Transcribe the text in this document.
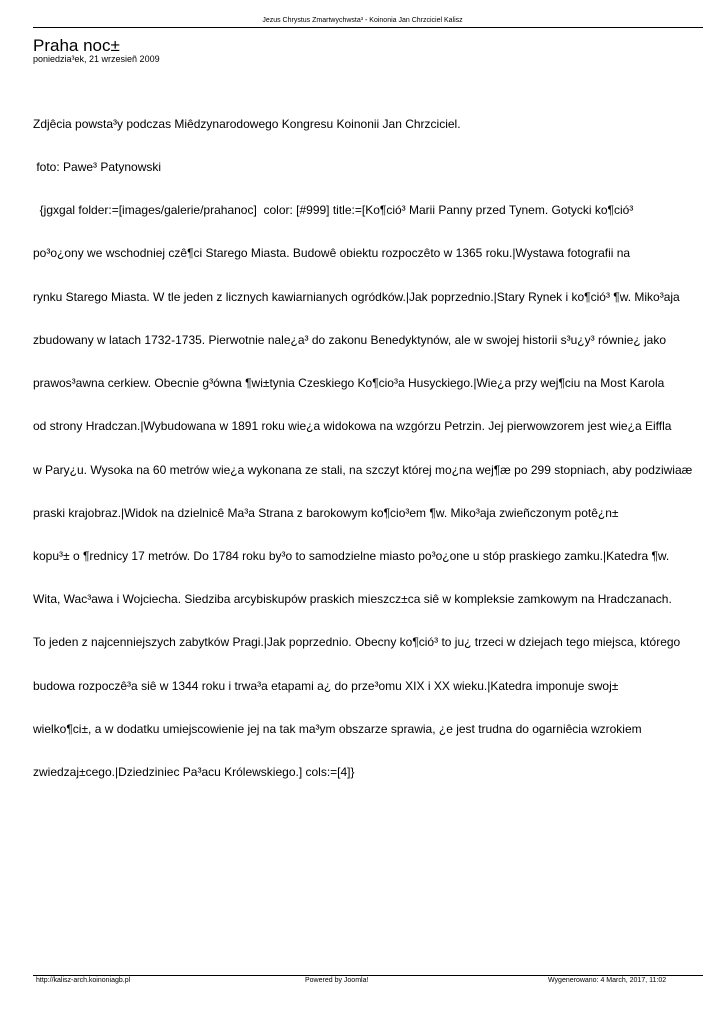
Jezus Chrystus Zmartwychwsta³ - Koinonia Jan Chrzciciel Kalisz
Praha noc±
poniedzia³ek, 21 wrzesieñ 2009

Zdjêcia powsta³y podczas Miêdzynarodowego Kongresu Koinonii Jan Chrzciciel.

foto: Pawe³ Patynowski

{jgxgal folder:=[images/galerie/prahanoc]  color: [#999] title:=[Ko¶ció³ Marii Panny przed Tynem. Gotycki ko¶ció³

po³o¿ony we wschodniej czê¶ci Starego Miasta. Budowê obiektu rozpoczêto w 1365 roku.|Wystawa fotografii na

rynku Starego Miasta. W tle jeden z licznych kawiarnianych ogródków.|Jak poprzednio.|Stary Rynek i ko¶ció³ ¶w. Miko³aja

zbudowany w latach 1732-1735. Pierwotnie nale¿a³ do zakonu Benedyktynów, ale w swojej historii s³u¿y³ równie¿ jako

prawos³awna cerkiew. Obecnie g³ówna ¶wi±tynia Czeskiego Ko¶cio³a Husyckiego.|Wie¿a przy wej¶ciu na Most Karola

od strony Hradczan.|Wybudowana w 1891 roku wie¿a widokowa na wzgórzu Petrzin. Jej pierwowzorem jest wie¿a Eiffla

w Pary¿u. Wysoka na 60 metrów wie¿a wykonana ze stali, na szczyt której mo¿na wej¶æ po 299 stopniach, aby podziwiaæ

praski krajobraz.|Widok na dzielnicê Ma³a Strana z barokowym ko¶cio³em ¶w. Miko³aja zwieñczonym potê¿n±

kopu³± o ¶rednicy 17 metrów. Do 1784 roku by³o to samodzielne miasto po³o¿one u stóp praskiego zamku.|Katedra ¶w.

Wita, Wac³awa i Wojciecha. Siedziba arcybiskupów praskich mieszcz±ca siê w kompleksie zamkowym na Hradczanach.

To jeden z najcenniejszych zabytków Pragi.|Jak poprzednio. Obecny ko¶ció³ to ju¿ trzeci w dziejach tego miejsca, którego

budowa rozpoczê³a siê w 1344 roku i trwa³a etapami a¿ do prze³omu XIX i XX wieku.|Katedra imponuje swoj±

wielko¶ci±, a w dodatku umiejscowienie jej na tak ma³ym obszarze sprawia, ¿e jest trudna do ogarniêcia wzrokiem

zwiedzaj±cego.|Dziedziniec Pa³acu Królewskiego.] cols:=[4]}

http://kalisz-arch.koinoniagb.pl	Powered by Joomla!	Wygenerowano: 4 March, 2017, 11:02
